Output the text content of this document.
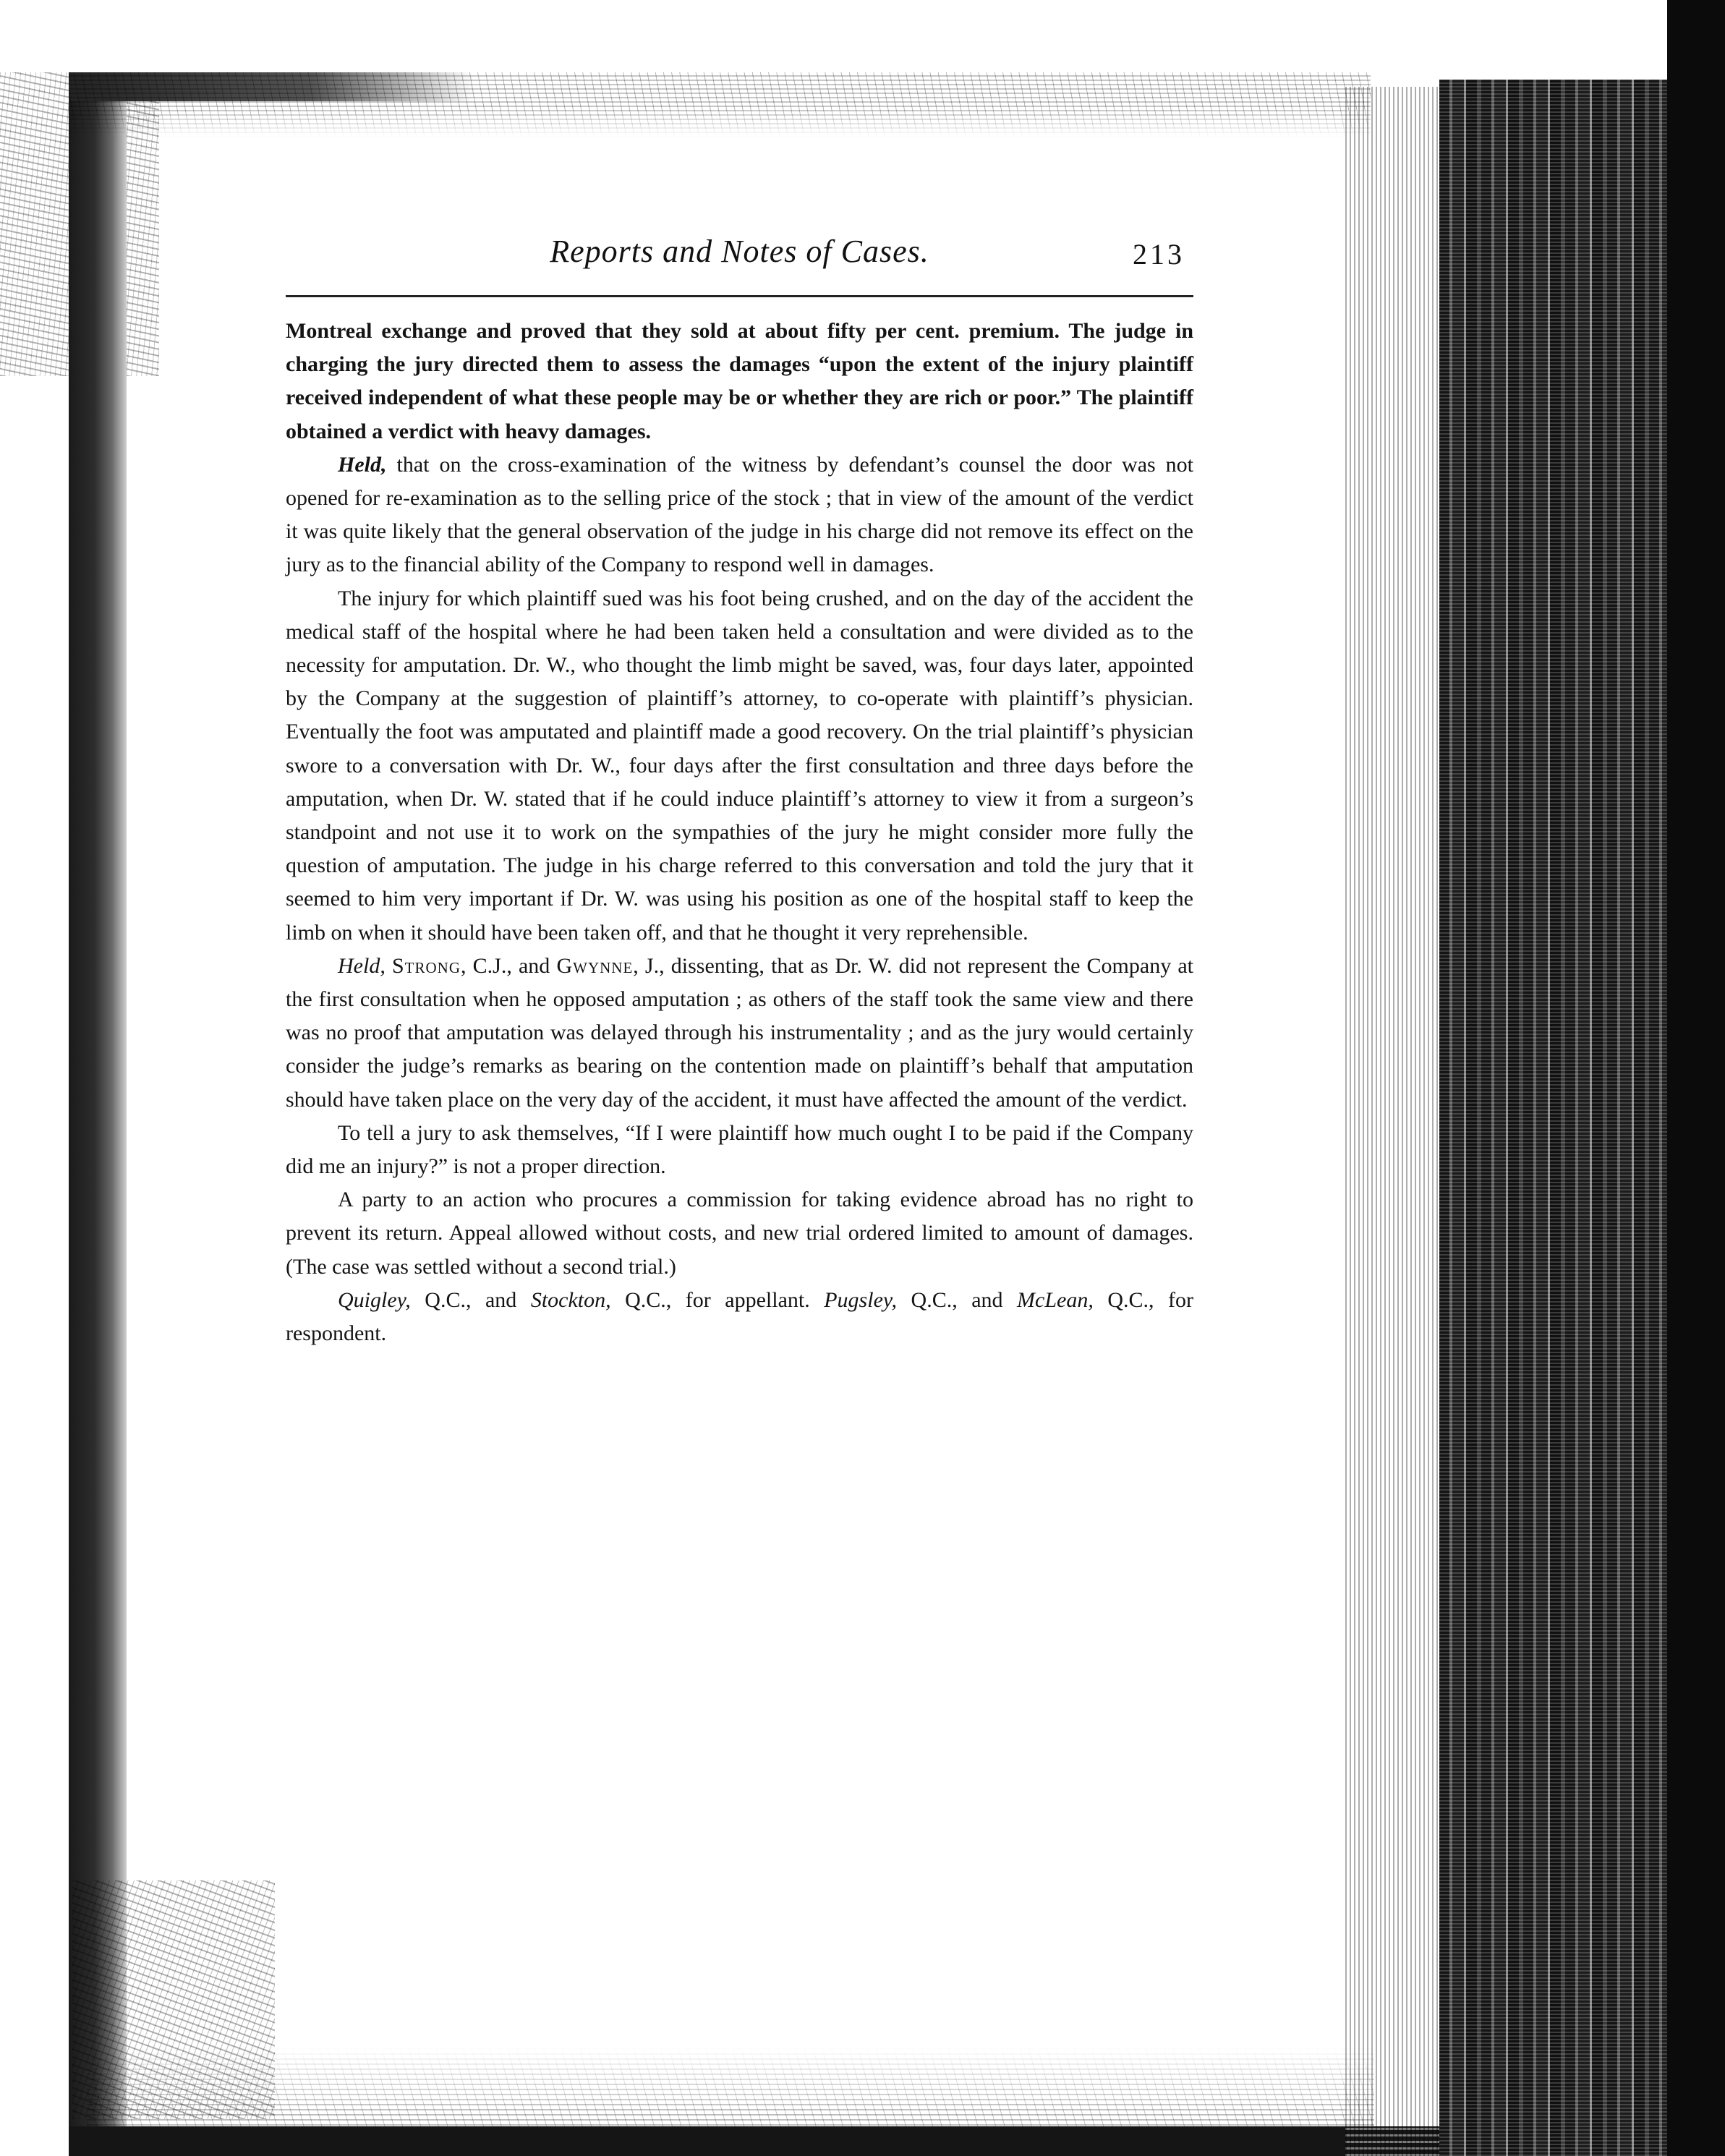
Reports and Notes of Cases.	213

Montreal exchange and proved that they sold at about fifty per cent. premium. The judge in charging the jury directed them to assess the damages “upon the extent of the injury plaintiff received independent of what these people may be or whether they are rich or poor.” The plaintiff obtained a verdict with heavy damages.

Held, that on the cross-examination of the witness by defendant’s counsel the door was not opened for re-examination as to the selling price of the stock ; that in view of the amount of the verdict it was quite likely that the general observation of the judge in his charge did not remove its effect on the jury as to the financial ability of the Company to respond well in damages.

The injury for which plaintiff sued was his foot being crushed, and on the day of the accident the medical staff of the hospital where he had been taken held a consultation and were divided as to the necessity for amputation. Dr. W., who thought the limb might be saved, was, four days later, appointed by the Company at the suggestion of plaintiff’s attorney, to co-operate with plaintiff’s physician. Eventually the foot was amputated and plaintiff made a good recovery. On the trial plaintiff’s physician swore to a conversation with Dr. W., four days after the first consultation and three days before the amputation, when Dr. W. stated that if he could induce plaintiff’s attorney to view it from a surgeon’s standpoint and not use it to work on the sympathies of the jury he might consider more fully the question of amputation. The judge in his charge referred to this conversation and told the jury that it seemed to him very important if Dr. W. was using his position as one of the hospital staff to keep the limb on when it should have been taken off, and that he thought it very reprehensible.

Held, Strong, C.J., and Gwynne, J., dissenting, that as Dr. W. did not represent the Company at the first consultation when he opposed amputation ; as others of the staff took the same view and there was no proof that amputation was delayed through his instrumentality ; and as the jury would certainly consider the judge’s remarks as bearing on the contention made on plaintiff’s behalf that amputation should have taken place on the very day of the accident, it must have affected the amount of the verdict.

To tell a jury to ask themselves, “If I were plaintiff how much ought I to be paid if the Company did me an injury?” is not a proper direction.

A party to an action who procures a commission for taking evidence abroad has no right to prevent its return. Appeal allowed without costs, and new trial ordered limited to amount of damages. (The case was settled without a second trial.)

Quigley, Q.C., and Stockton, Q.C., for appellant. Pugsley, Q.C., and McLean, Q.C., for respondent.
